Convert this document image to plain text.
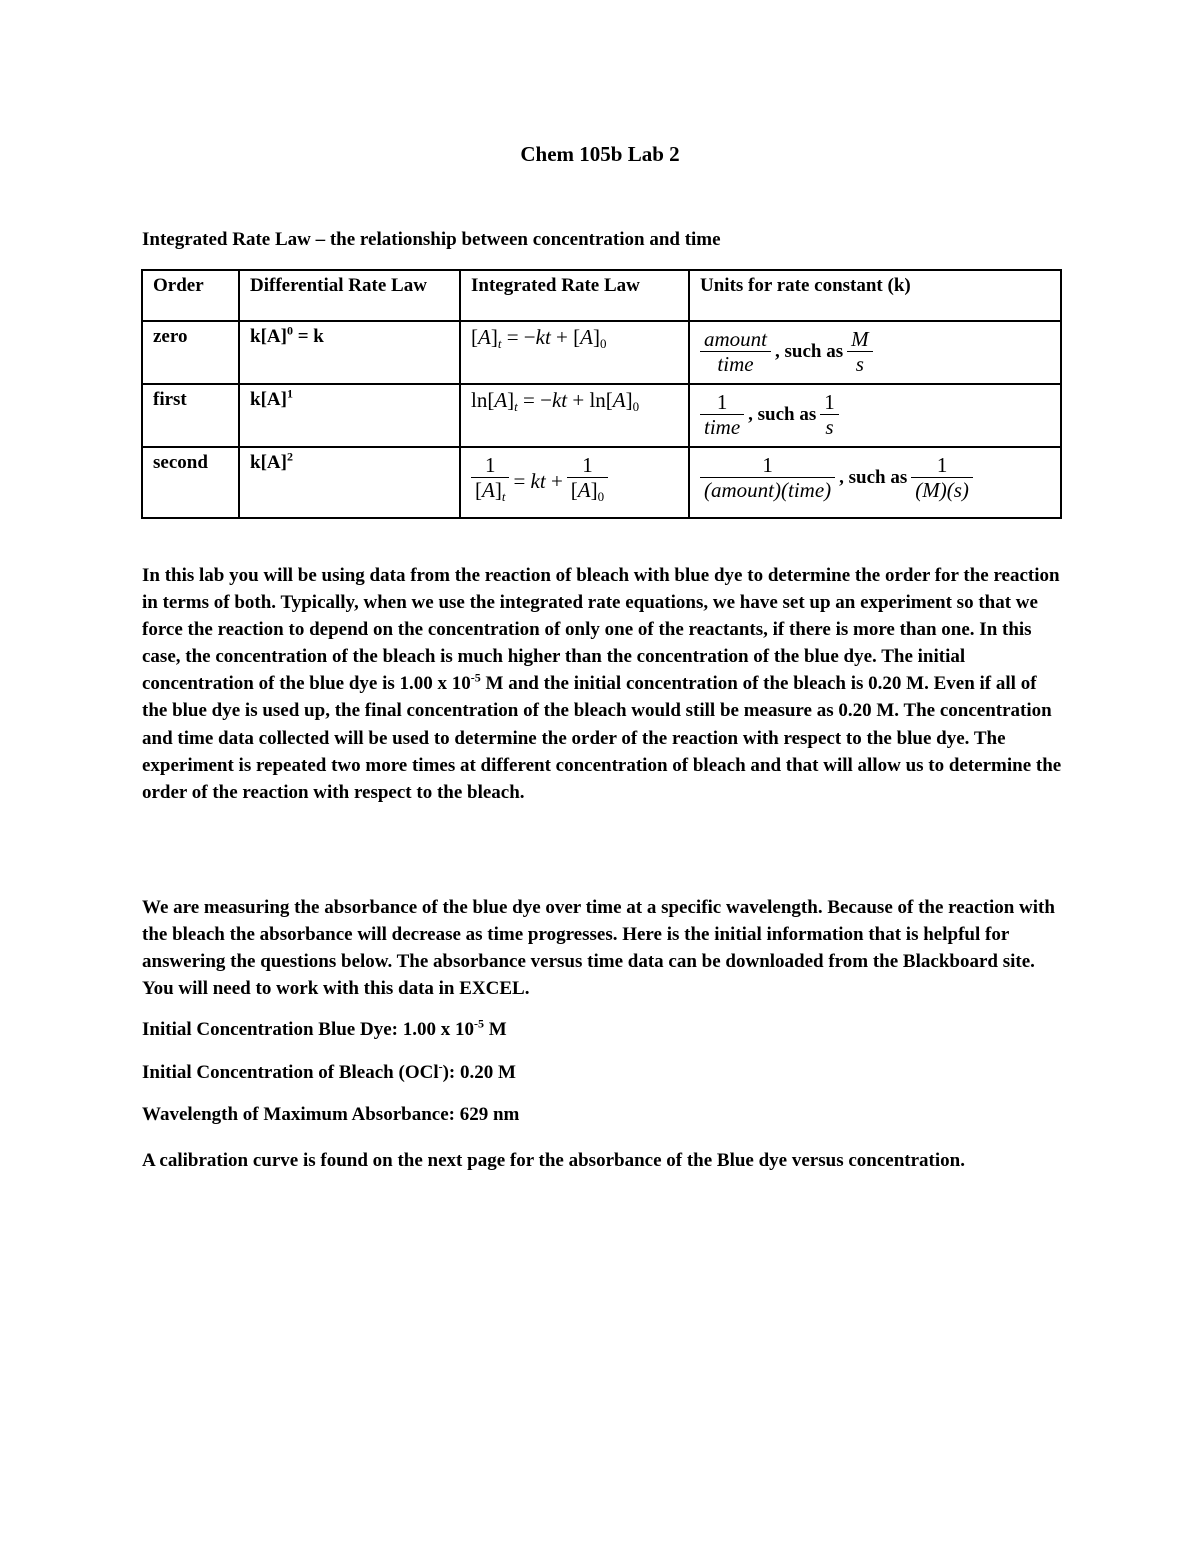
Chem 105b Lab 2
Integrated Rate Law – the relationship between concentration and time
Order	Differential Rate Law	Integrated Rate Law	Units for rate constant (k)
zero	$k[A]^0 = k$	$[A]_t = -kt + [A]_0$	$\frac{\text{amount}}{\text{time}}$ , such as $\frac{M}{s}$

first	$k[A]^1$	$\ln[A]_t = -kt + \ln[A]_0$	$\frac{1}{\text{time}}$ , such as $\frac{1}{s}$

second	$k[A]^2$	$\frac{1}{[A]_t}$ = kt + $\frac{1}{[A]_0}$	$\frac{1}{\text{(amount)(time)}}$ , such as $\frac{1}{(M)(s)}$
In this lab you will be using data from the reaction of bleach with blue dye to determine the order for the reaction in terms of both. Typically, when we use the integrated rate equations, we have set up an experiment so that we force the reaction to depend on the concentration of only one of the reactants, if there is more than one. In this case, the concentration of the bleach is much higher than the concentration of the blue dye. The initial concentration of the blue dye is 1.00 x $10^{-5}$ M and the initial concentration of the bleach is 0.20 M. Even if all of the blue dye is used up, the final concentration of the bleach would still be measure as 0.20 M. The concentration and time data collected will be used to determine the order of the reaction with respect to the blue dye. The experiment is repeated two more times at different concentration of bleach and that will allow us to determine the order of the reaction with respect to the bleach.
We are measuring the absorbance of the blue dye over time at a specific wavelength. Because of the reaction with the bleach the absorbance will decrease as time progresses. Here is the initial information that is helpful for answering the questions below. The absorbance versus time data can be downloaded from the Blackboard site. You will need to work with this data in EXCEL.
Initial Concentration Blue Dye: 1.00 x $10^{-5}$ M
Initial Concentration of Bleach (OCl-): 0.20 M
Wavelength of Maximum Absorbance: 629 nm
A calibration curve is found on the next page for the absorbance of the Blue dye versus concentration.
